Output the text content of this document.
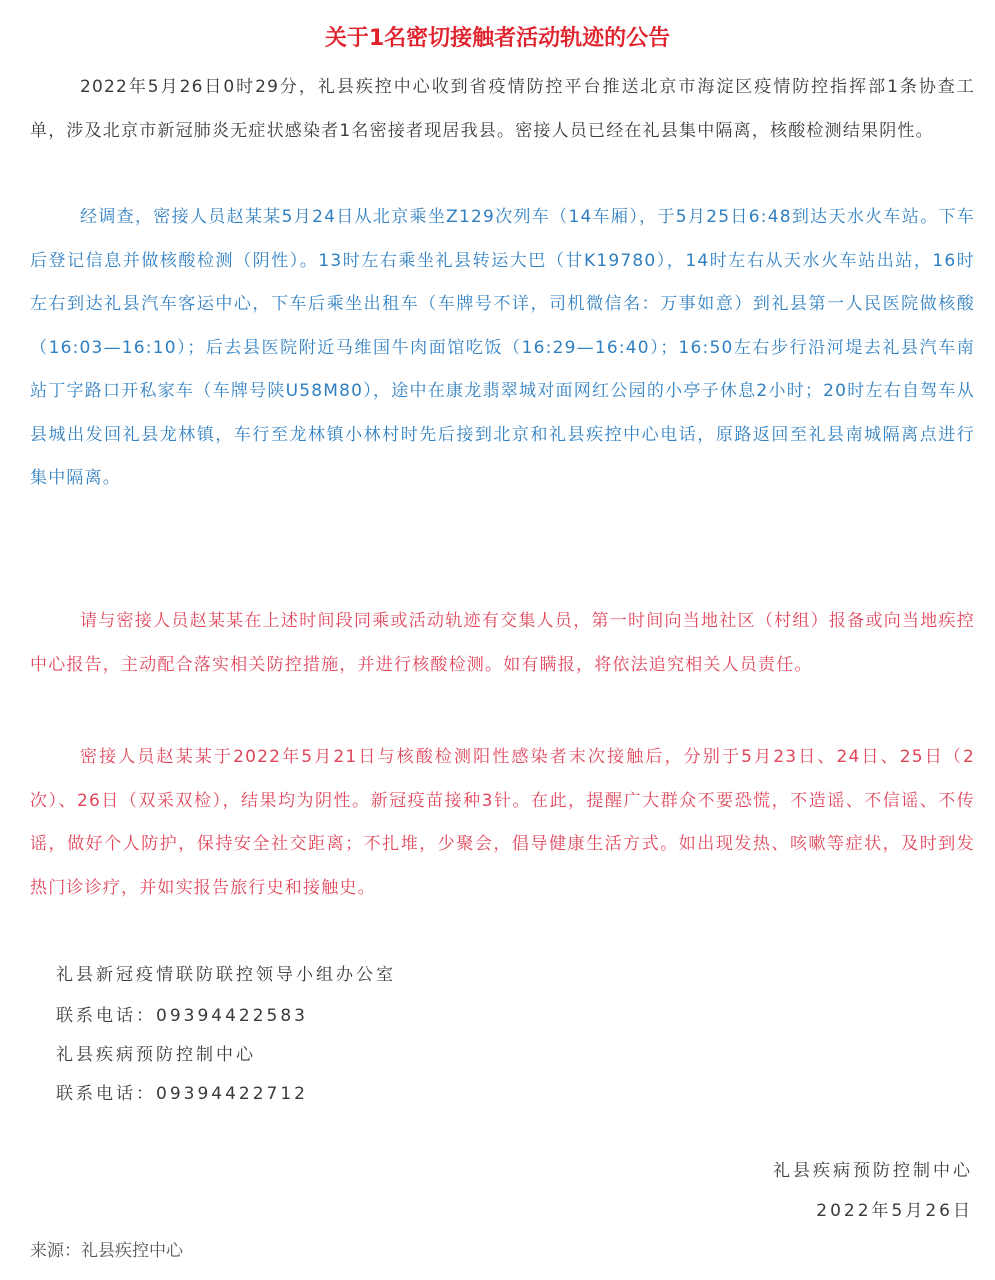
关于1名密切接触者活动轨迹的公告

2022年5月26日0时29分，礼县疾控中心收到省疫情防控平台推送北京市海淀区疫情防控指挥部1条协查工单，涉及北京市新冠肺炎无症状感染者1名密接者现居我县。密接人员已经在礼县集中隔离，核酸检测结果阴性。

经调查，密接人员赵某某5月24日从北京乘坐Z129次列车（14车厢），于5月25日6:48到达天水火车站。下车后登记信息并做核酸检测（阴性）。13时左右乘坐礼县转运大巴（甘K19780），14时左右从天水火车站出站，16时左右到达礼县汽车客运中心，下车后乘坐出租车（车牌号不详，司机微信名：万事如意）到礼县第一人民医院做核酸（16:03—16:10）；后去县医院附近马维国牛肉面馆吃饭（16:29—16:40）；16:50左右步行沿河堤去礼县汽车南站丁字路口开私家车（车牌号陕U58M80），途中在康龙翡翠城对面网红公园的小亭子休息2小时；20时左右自驾车从县城出发回礼县龙林镇，车行至龙林镇小林村时先后接到北京和礼县疾控中心电话，原路返回至礼县南城隔离点进行集中隔离。

请与密接人员赵某某在上述时间段同乘或活动轨迹有交集人员，第一时间向当地社区（村组）报备或向当地疾控中心报告，主动配合落实相关防控措施，并进行核酸检测。如有瞒报，将依法追究相关人员责任。

密接人员赵某某于2022年5月21日与核酸检测阳性感染者末次接触后，分别于5月23日、24日、25日（2次）、26日（双采双检），结果均为阴性。新冠疫苗接种3针。在此，提醒广大群众不要恐慌，不造谣、不信谣、不传谣，做好个人防护，保持安全社交距离；不扎堆，少聚会，倡导健康生活方式。如出现发热、咳嗽等症状，及时到发热门诊诊疗，并如实报告旅行史和接触史。

礼县新冠疫情联防联控领导小组办公室
联系电话：09394422583
礼县疾病预防控制中心
联系电话：09394422712
礼县疾病预防控制中心
2022年5月26日
来源：礼县疾控中心
